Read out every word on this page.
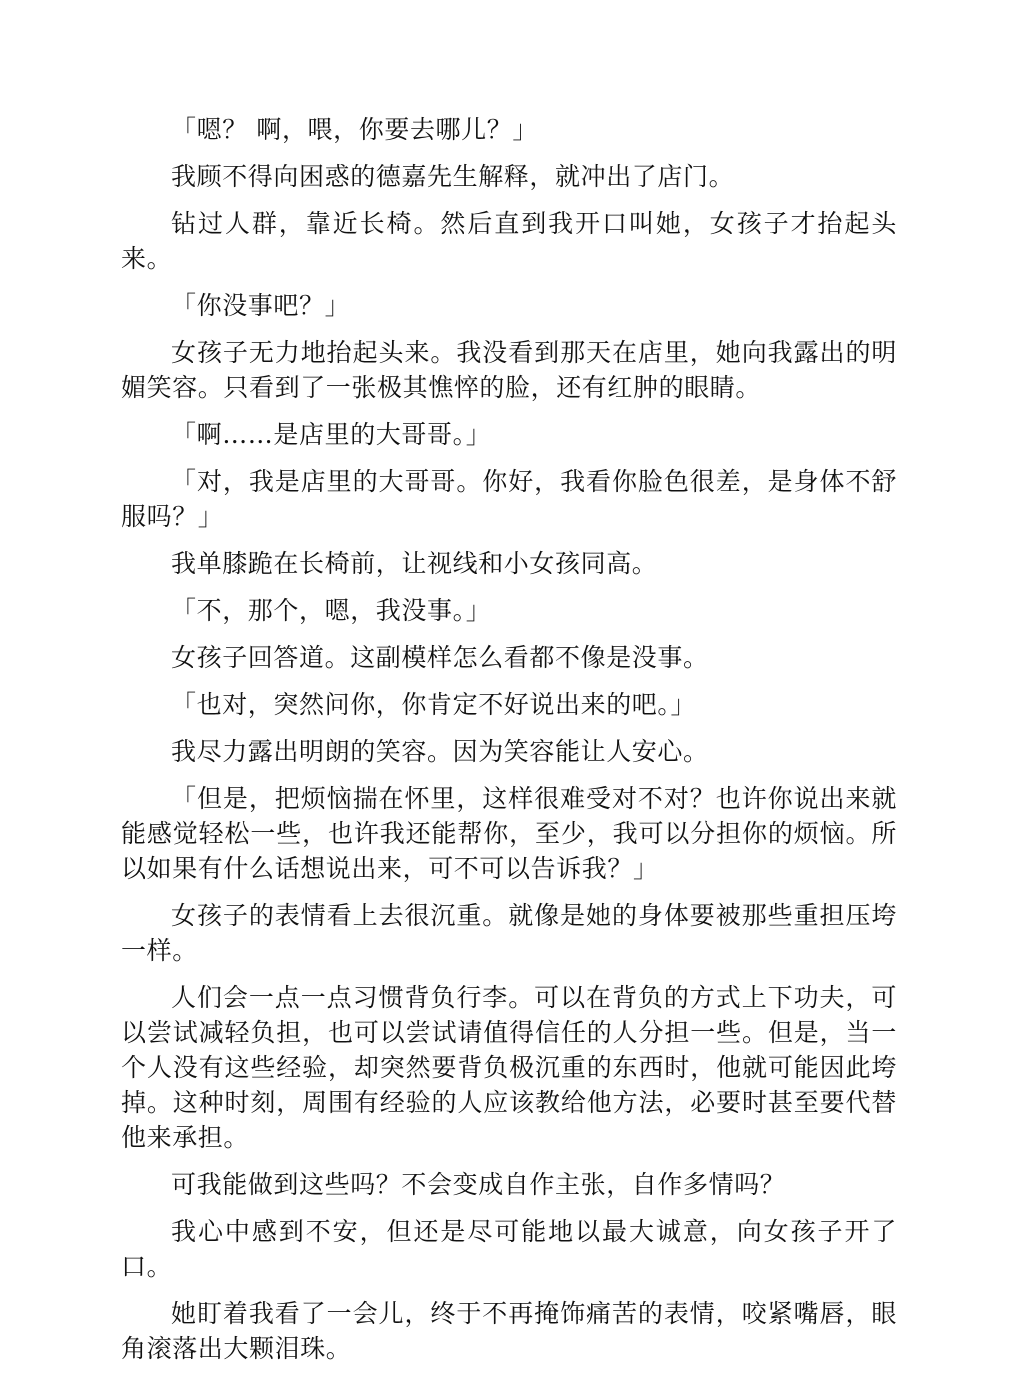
「嗯？ 啊，喂，你要去哪儿？」

我顾不得向困惑的德嘉先生解释，就冲出了店门。

钻过人群，靠近长椅。然后直到我开口叫她，女孩子才抬起头来。

「你没事吧？」

女孩子无力地抬起头来。我没看到那天在店里，她向我露出的明媚笑容。只看到了一张极其憔悴的脸，还有红肿的眼睛。

「啊……是店里的大哥哥。」

「对，我是店里的大哥哥。你好，我看你脸色很差，是身体不舒服吗？」

我单膝跪在长椅前，让视线和小女孩同高。

「不，那个，嗯，我没事。」

女孩子回答道。这副模样怎么看都不像是没事。

「也对，突然问你，你肯定不好说出来的吧。」

我尽力露出明朗的笑容。因为笑容能让人安心。

「但是，把烦恼揣在怀里，这样很难受对不对？也许你说出来就能感觉轻松一些，也许我还能帮你，至少，我可以分担你的烦恼。所以如果有什么话想说出来，可不可以告诉我？」

女孩子的表情看上去很沉重。就像是她的身体要被那些重担压垮一样。

人们会一点一点习惯背负行李。可以在背负的方式上下功夫，可以尝试减轻负担，也可以尝试请值得信任的人分担一些。但是，当一个人没有这些经验，却突然要背负极沉重的东西时，他就可能因此垮掉。这种时刻，周围有经验的人应该教给他方法，必要时甚至要代替他来承担。

可我能做到这些吗？不会变成自作主张，自作多情吗？

我心中感到不安，但还是尽可能地以最大诚意，向女孩子开了口。

她盯着我看了一会儿，终于不再掩饰痛苦的表情，咬紧嘴唇，眼角滚落出大颗泪珠。
